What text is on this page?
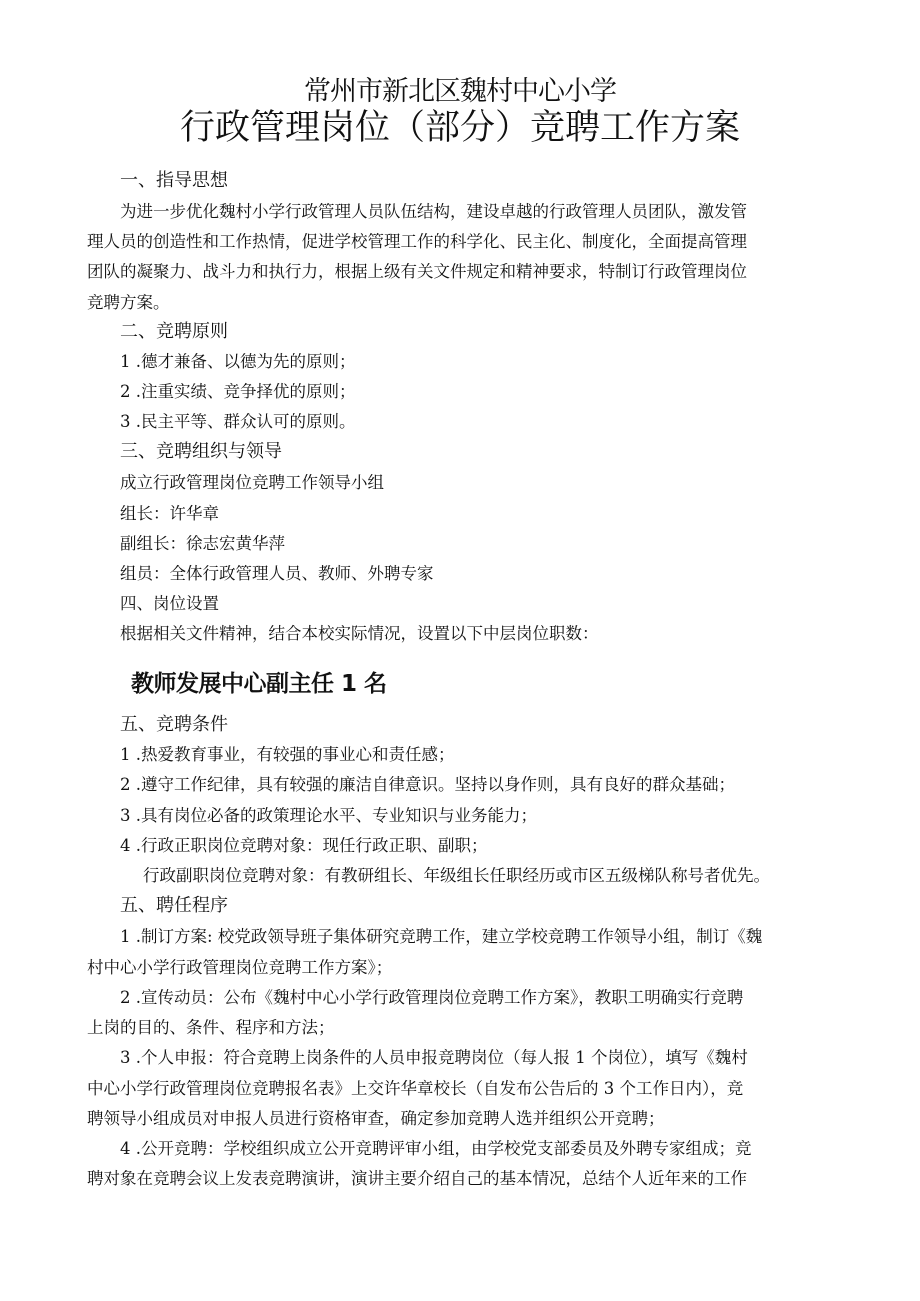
常州市新北区魏村中心小学
行政管理岗位（部分）竞聘工作方案
一、指导思想
为进一步优化魏村小学行政管理人员队伍结构，建设卓越的行政管理人员团队，激发管
理人员的创造性和工作热情，促进学校管理工作的科学化、民主化、制度化，全面提高管理
团队的凝聚力、战斗力和执行力，根据上级有关文件规定和精神要求，特制订行政管理岗位
竞聘方案。
二、竞聘原则
1 .德才兼备、以德为先的原则；
2 .注重实绩、竞争择优的原则；
3 .民主平等、群众认可的原则。
三、竞聘组织与领导
成立行政管理岗位竞聘工作领导小组
组长：许华章
副组长：徐志宏黄华萍
组员：全体行政管理人员、教师、外聘专家
四、岗位设置
根据相关文件精神，结合本校实际情况，设置以下中层岗位职数：
教师发展中心副主任 1 名
五、竞聘条件
1 .热爱教育事业，有较强的事业心和责任感；
2 .遵守工作纪律，具有较强的廉洁自律意识。坚持以身作则，具有良好的群众基础；
3 .具有岗位必备的政策理论水平、专业知识与业务能力；
4 .行政正职岗位竞聘对象：现任行政正职、副职；
行政副职岗位竞聘对象：有教研组长、年级组长任职经历或市区五级梯队称号者优先。
五、聘任程序
1 .制订方案: 校党政领导班子集体研究竞聘工作，建立学校竞聘工作领导小组，制订《魏
村中心小学行政管理岗位竞聘工作方案》；
2 .宣传动员：公布《魏村中心小学行政管理岗位竞聘工作方案》，教职工明确实行竞聘
上岗的目的、条件、程序和方法；
3 .个人申报：符合竞聘上岗条件的人员申报竞聘岗位（每人报 1 个岗位），填写《魏村
中心小学行政管理岗位竞聘报名表》上交许华章校长（自发布公告后的 3 个工作日内），竞
聘领导小组成员对申报人员进行资格审查，确定参加竞聘人选并组织公开竞聘；
4 .公开竞聘：学校组织成立公开竞聘评审小组，由学校党支部委员及外聘专家组成；竞
聘对象在竞聘会议上发表竞聘演讲，演讲主要介绍自己的基本情况，总结个人近年来的工作
